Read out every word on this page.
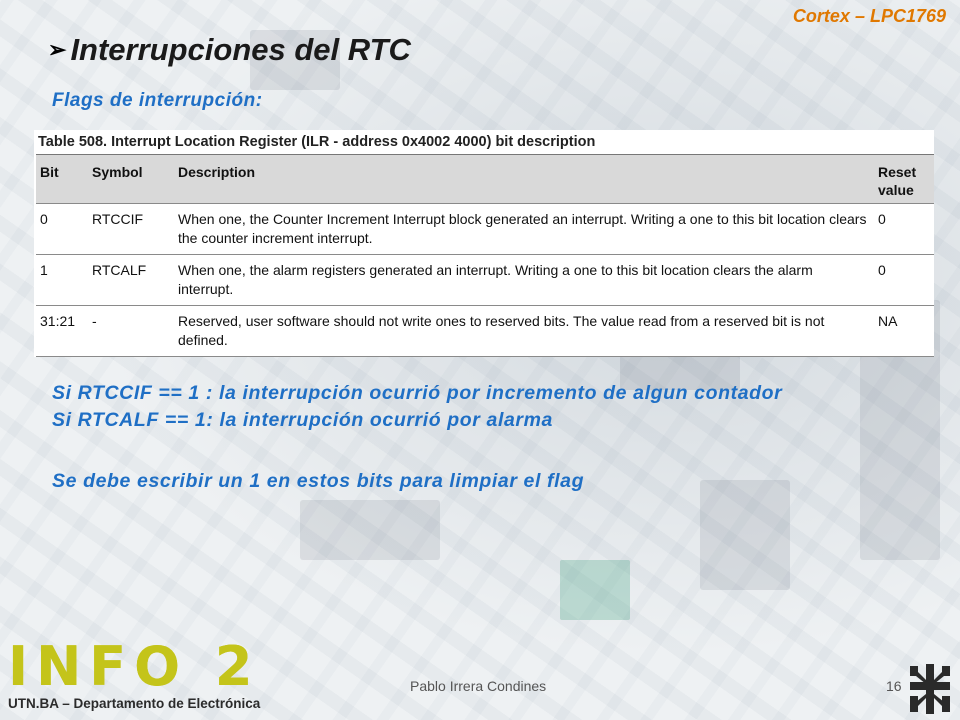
Cortex – LPC1769
➢ Interrupciones del RTC
Flags de interrupción:
Table 508. Interrupt Location Register (ILR - address 0x4002 4000) bit description
Bit	Symbol	Description	Reset value
0	RTCCIF	When one, the Counter Increment Interrupt block generated an interrupt. Writing a one to this bit location clears the counter increment interrupt.	0
1	RTCALF	When one, the alarm registers generated an interrupt. Writing a one to this bit location clears the alarm interrupt.	0
31:21	-	Reserved, user software should not write ones to reserved bits. The value read from a reserved bit is not defined.	NA
Si RTCCIF == 1 : la interrupción ocurrió por incremento de algun contador
Si RTCALF == 1: la interrupción ocurrió por alarma
Se debe escribir un 1 en estos bits para limpiar el flag
INFO 2
UTN.BA – Departamento de Electrónica
Pablo Irrera Condines	16
